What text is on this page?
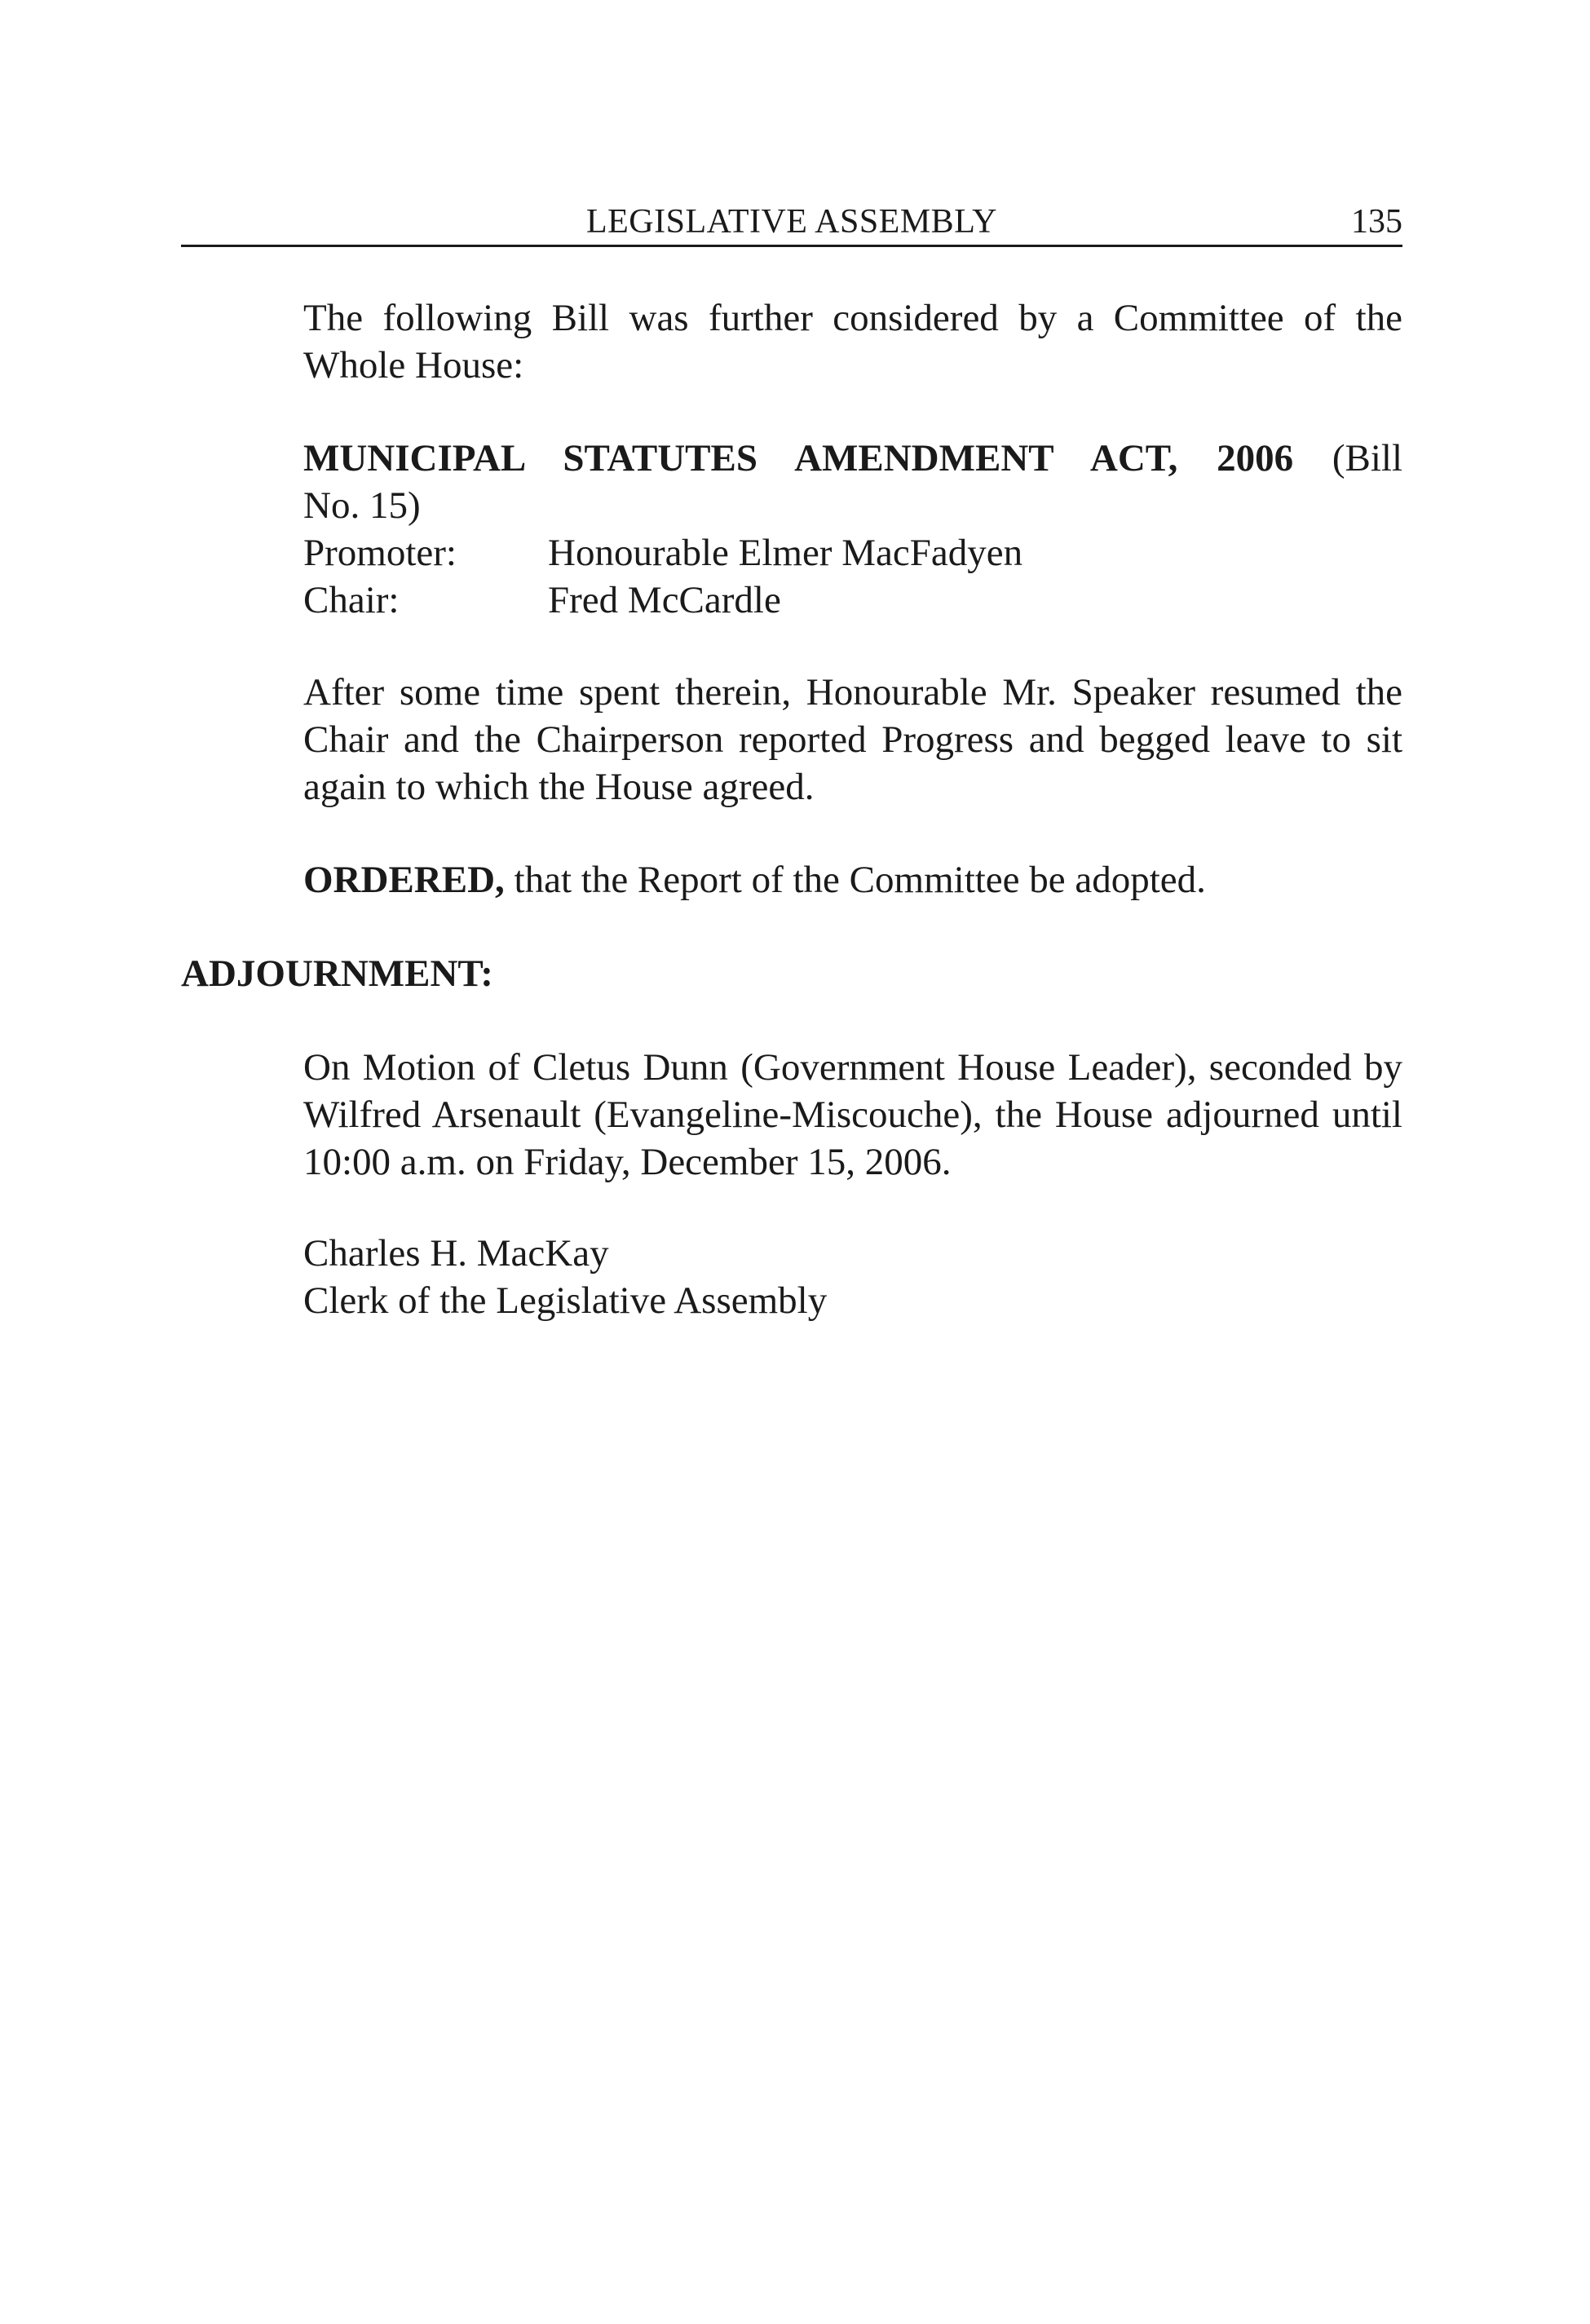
LEGISLATIVE ASSEMBLY	135

The following Bill was further considered by a Committee of the Whole House:

MUNICIPAL STATUTES AMENDMENT ACT, 2006 (Bill
No. 15)
Promoter:	Honourable Elmer MacFadyen
Chair:	Fred McCardle

After some time spent therein, Honourable Mr. Speaker resumed the Chair and the Chairperson reported Progress and begged leave to sit again to which the House agreed.

ORDERED, that the Report of the Committee be adopted.

ADJOURNMENT:

On Motion of Cletus Dunn (Government House Leader), seconded by Wilfred Arsenault (Evangeline-Miscouche), the House adjourned until 10:00 a.m. on Friday, December 15, 2006.

Charles H. MacKay
Clerk of the Legislative Assembly
